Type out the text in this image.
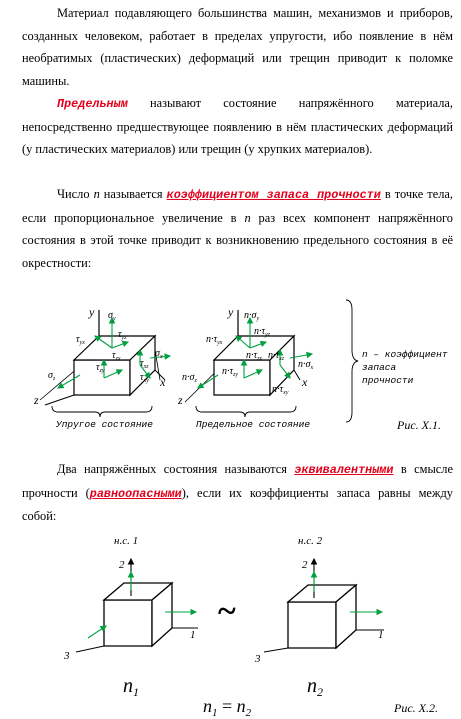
Материал подавляющего большинства машин, механизмов и приборов, созданных человеком, работает в пределах упругости, ибо появление в нём необратимых (пластических) деформаций или трещин приводит к поломке машины.

Предельным называют состояние напряжённого материала, непосредственно предшествующее появлению в нём пластических деформаций (у пластических материалов) или трещин (у хрупких материалов).

Число n называется коэффициентом запаса прочности в точке тела, если пропорциональное увеличение в n раз всех компонент напряжённого состояния в этой точке приводит к возникновению предельного состояния в её окрестности:

y
x
z
y
x
z
$\sigma_y$
$\sigma_x$
$\sigma_z$
$\tau_{yx}$
$\tau_{yz}$
$\tau_{zx}$ $\tau_{xz}$
$\tau_{zy}$
$\tau_{xy}$
$n\cdot\sigma_y$
$n\cdot\sigma_x$
$n\cdot\sigma_z$
$n\cdot\tau_{yx}$
$n\cdot\tau_{yz}$
$n\cdot\tau_{zx}$ $n\cdot\tau_{xz}$
$n\cdot\tau_{zy}$
$n\cdot\tau_{xy}$
Упругое состояние	Предельное состояние
n – коэффициент
запаса
прочности
Рис. X.1.

Два напряжённых состояния называются эквивалентными в смысле прочности (равноопасными), если их коэффициенты запаса равны между собой:

н.с. 1	н.с. 2
2	2
1	1
3	3
~
$n_1$	$n_2$
$n_1 = n_2$	Рис. X.2.
